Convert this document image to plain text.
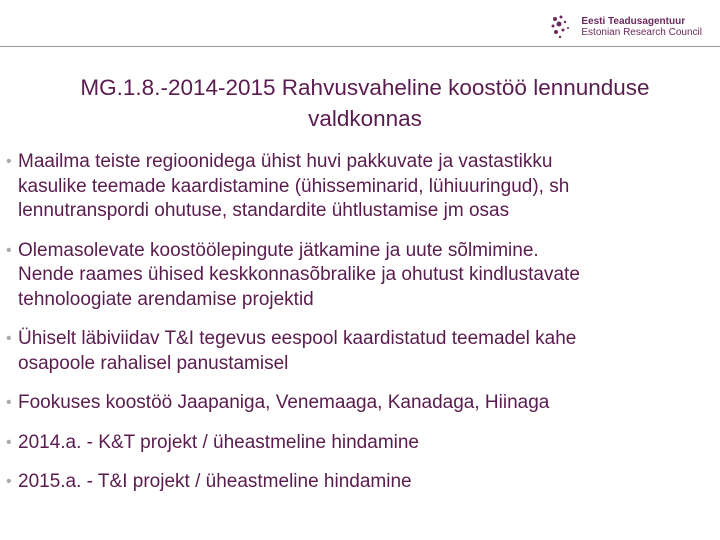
Eesti Teadusagentuur
Estonian Research Council
MG.1.8.-2014-2015 Rahvusvaheline koostöö lennunduse
valdkonnas
• Maailma teiste regioonidega ühist huvi pakkuvate ja vastastikku
kasulike teemade kaardistamine (ühisseminarid, lühiuuringud), sh
lennutranspordi ohutuse, standardite ühtlustamise jm osas
• Olemasolevate koostöölepingute jätkamine ja uute sõlmimine.
Nende raames ühised keskkonnasõbralike ja ohutust kindlustavate
tehnoloogiate arendamise projektid
• Ühiselt läbiviidav T&I tegevus eespool kaardistatud teemadel kahe
osapoole rahalisel panustamisel
• Fookuses koostöö Jaapaniga, Venemaaga, Kanadaga, Hiinaga
• 2014.a. - K&T projekt / üheastmeline hindamine
• 2015.a. - T&I projekt / üheastmeline hindamine
